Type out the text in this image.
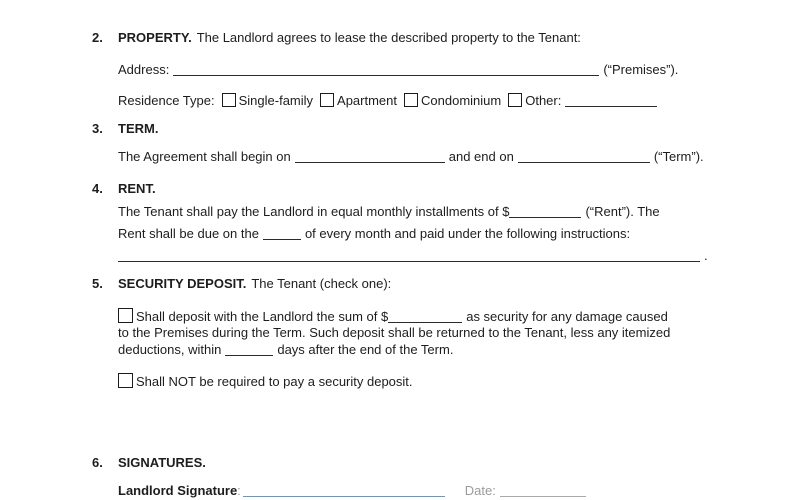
2. PROPERTY. The Landlord agrees to lease the described property to the Tenant:
Address:	(“Premises”).
Residence Type: Single-family Apartment Condominium Other:
3. TERM.
The Agreement shall begin on	and end on	(“Term”).
4. RENT.
The Tenant shall pay the Landlord in equal monthly installments of $	(“Rent”). The
Rent shall be due on the	of every month and paid under the following instructions:
.
5. SECURITY DEPOSIT. The Tenant (check one):
Shall deposit with the Landlord the sum of $	as security for any damage caused
to the Premises during the Term. Such deposit shall be returned to the Tenant, less any itemized
deductions, within	days after the end of the Term.
Shall NOT be required to pay a security deposit.
6. SIGNATURES.
Landlord Signature:	Date:
